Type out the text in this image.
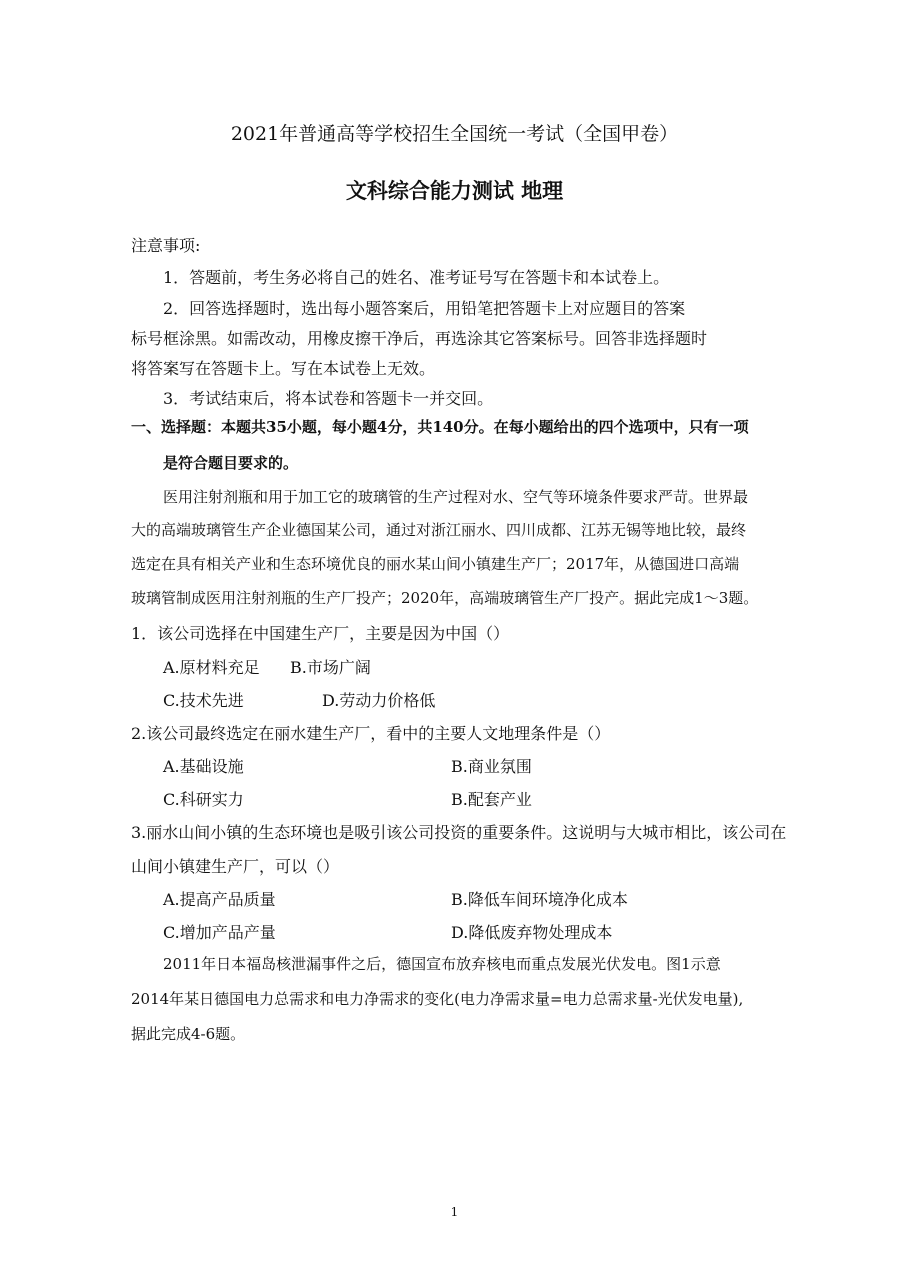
2021年普通高等学校招生全国统一考试（全国甲卷）
文科综合能力测试 地理
注意事项:
1．答题前，考生务必将自己的姓名、准考证号写在答题卡和本试卷上。
2．回答选择题时，选出每小题答案后，用铅笔把答题卡上对应题目的答案
标号框涂黑。如需改动，用橡皮擦干净后，再选涂其它答案标号。回答非选择题时
将答案写在答题卡上。写在本试卷上无效。
3．考试结束后，将本试卷和答题卡一并交回。
一、选择题：本题共35小题，每小题4分，共140分。在每小题给出的四个选项中，只有一项
是符合题目要求的。
医用注射剂瓶和用于加工它的玻璃管的生产过程对水、空气等环境条件要求严苛。世界最
大的高端玻璃管生产企业德国某公司，通过对浙江丽水、四川成都、江苏无锡等地比较，最终
选定在具有相关产业和生态环境优良的丽水某山间小镇建生产厂；2017年，从德国进口高端
玻璃管制成医用注射剂瓶的生产厂投产；2020年，高端玻璃管生产厂投产。据此完成1～3题。
1．该公司选择在中国建生产厂，主要是因为中国（）
A.原材料充足 B.市场广阔
C.技术先进	D.劳动力价格低
2.该公司最终选定在丽水建生产厂，看中的主要人文地理条件是（）
A.基础设施	B.商业氛围
C.科研实力	B.配套产业
3.丽水山间小镇的生态环境也是吸引该公司投资的重要条件。这说明与大城市相比，该公司在
山间小镇建生产厂，可以（）
A.提高产品质量	B.降低车间环境净化成本
C.增加产品产量	D.降低废弃物处理成本
2011年日本福岛核泄漏事件之后，德国宣布放弃核电而重点发展光伏发电。图1示意
2014年某日德国电力总需求和电力净需求的变化(电力净需求量=电力总需求量-光伏发电量),
据此完成4-6题。
1
